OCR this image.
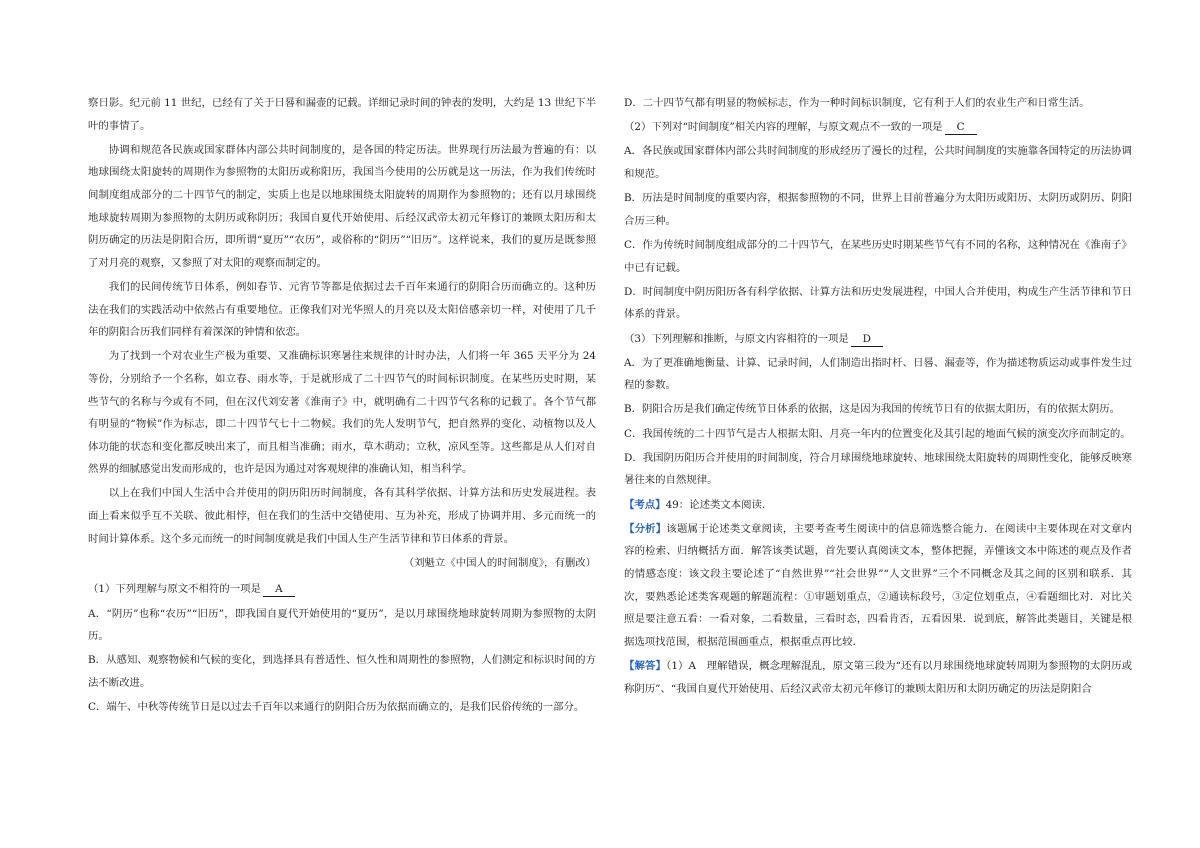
察日影。纪元前 11 世纪，已经有了关于日晷和漏壶的记载。详细记录时间的钟表的发明，大约是 13 世纪下半叶的事情了。

协调和规范各民族或国家群体内部公共时间制度的，是各国的特定历法。世界现行历法最为普遍的有：以地球围绕太阳旋转的周期作为参照物的太阳历或称阳历，我国当今使用的公历就是这一历法，作为我们传统时间制度组成部分的二十四节气的制定，实质上也是以地球围绕太阳旋转的周期作为参照物的；还有以月球围绕地球旋转周期为参照物的太阴历或称阴历；我国自夏代开始使用、后经汉武帝太初元年修订的兼顾太阳历和太阴历确定的历法是阴阳合历，即所谓“夏历”“农历”，或俗称的“阴历”“旧历”。这样说来，我们的夏历是既参照了对月亮的观察，又参照了对太阳的观察而制定的。

我们的民间传统节日体系，例如春节、元宵节等都是依据过去千百年来通行的阴阳合历而确立的。这种历法在我们的实践活动中依然占有重要地位。正像我们对光华照人的月亮以及太阳倍感亲切一样，对使用了几千年的阴阳合历我们同样有着深深的钟情和依恋。

为了找到一个对农业生产极为重要、又准确标识寒暑往来规律的计时办法，人们将一年 365 天平分为 24 等份，分别给予一个名称，如立春、雨水等，于是就形成了二十四节气的时间标识制度。在某些历史时期，某些节气的名称与今或有不同，但在汉代刘安著《淮南子》中，就明确有二十四节气名称的记载了。各个节气都有明显的“物候”作为标志，即二十四节气七十二物候。我们的先人发明节气，把自然界的变化、动植物以及人体功能的状态和变化都反映出来了，而且相当准确；雨水，草木萌动；立秋，凉风至等。这些都是从人们对自然界的细腻感觉出发而形成的，也许是因为通过对客观规律的准确认知，相当科学。

以上在我们中国人生活中合并使用的阴历阳历时间制度，各有其科学依据、计算方法和历史发展进程。表面上看来似乎互不关联、彼此相悖，但在我们的生活中交错使用、互为补充，形成了协调并用、多元而统一的时间计算体系。这个多元而统一的时间制度就是我们中国人生产生活节律和节日体系的背景。

（刘魁立《中国人的时间制度》，有删改）

（1）下列理解与原文不相符的一项是 A

A．“阴历”也称“农历”“旧历”，即我国自夏代开始使用的“夏历”，是以月球围绕地球旋转周期为参照物的太阴历。

B．从感知、观察物候和气候的变化，到选择具有普适性、恒久性和周期性的参照物，人们测定和标识时间的方法不断改进。

C．端午、中秋等传统节日是以过去千百年以来通行的阴阳合历为依据而确立的，是我们民俗传统的一部分。

D．二十四节气都有明显的物候标志，作为一种时间标识制度，它有利于人们的农业生产和日常生活。

（2）下列对“时间制度”相关内容的理解，与原文观点不一致的一项是 C

A．各民族或国家群体内部公共时间制度的形成经历了漫长的过程，公共时间制度的实施靠各国特定的历法协调和规范。

B．历法是时间制度的重要内容，根据参照物的不同，世界上目前普遍分为太阳历或阳历、太阴历或阴历、阴阳合历三种。

C．作为传统时间制度组成部分的二十四节气，在某些历史时期某些节气有不同的名称，这种情况在《淮南子》中已有记载。

D．时间制度中阴历阳历各有科学依据、计算方法和历史发展进程，中国人合并使用，构成生产生活节律和节日体系的背景。

（3）下列理解和推断，与原文内容相符的一项是 D

A．为了更准确地衡量、计算、记录时间，人们制造出指时杆、日晷、漏壶等，作为描述物质运动或事件发生过程的参数。

B．阴阳合历是我们确定传统节日体系的依据，这是因为我国的传统节日有的依据太阳历，有的依据太阴历。

C．我国传统的二十四节气是古人根据太阳、月亮一年内的位置变化及其引起的地面气候的演变次序而制定的。

D．我国阴历阳历合并使用的时间制度，符合月球围绕地球旋转、地球围绕太阳旋转的周期性变化，能够反映寒暑往来的自然规律。

【考点】49：论述类文本阅读.

【分析】该题属于论述类文章阅读，主要考查考生阅读中的信息筛选整合能力．在阅读中主要体现在对文章内容的检索、归纳概括方面．解答该类试题，首先要认真阅读文本，整体把握，弄懂该文本中陈述的观点及作者的情感态度：该文段主要论述了“自然世界”“社会世界”“人文世界”三个不同概念及其之间的区别和联系．其次，要熟悉论述类客观题的解题流程：①审题划重点，②通读标段号，③定位划重点，④看题细比对．对比关照是要注意五看：一看对象，二看数量，三看时态，四看肯否，五看因果．说到底，解答此类题目，关键是根据选项找范围，根据范围画重点，根据重点再比较．

【解答】（1）A　理解错误，概念理解混乱，原文第三段为“还有以月球围绕地球旋转周期为参照物的太阴历或称阴历”、“我国自夏代开始使用、后经汉武帝太初元年修订的兼顾太阳历和太阴历确定的历法是阴阳合
